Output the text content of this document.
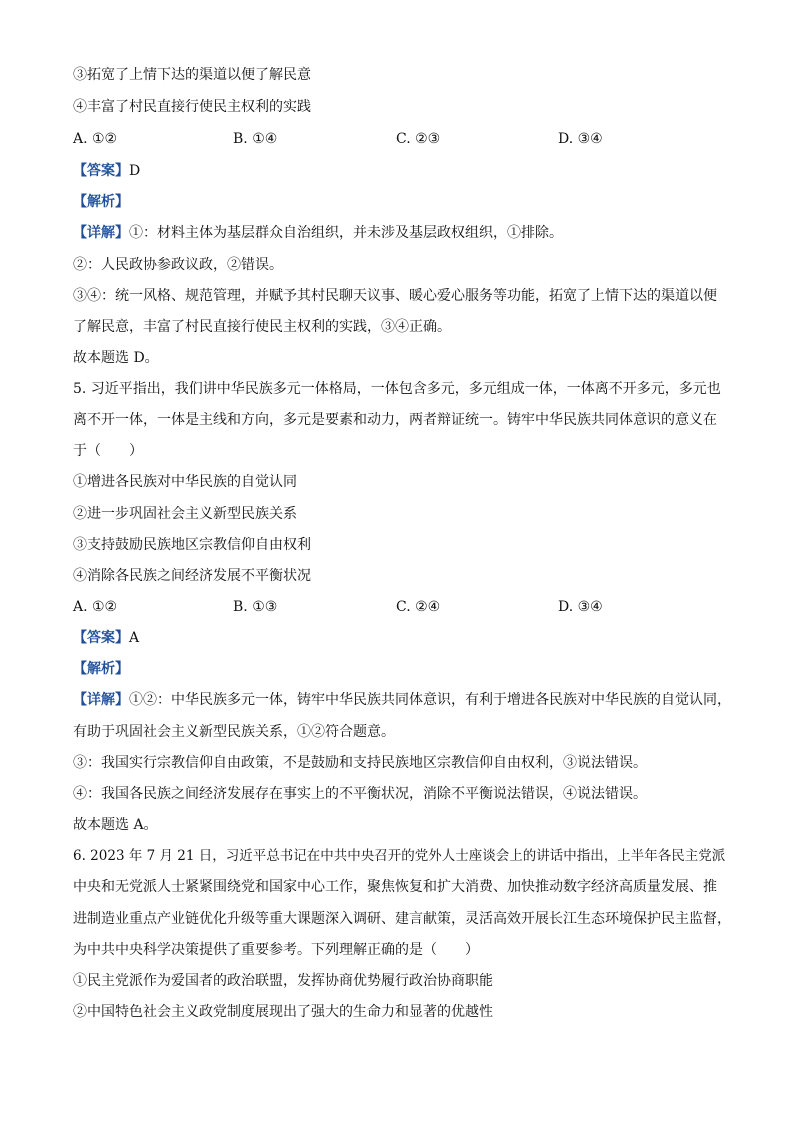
③拓宽了上情下达的渠道以便了解民意
④丰富了村民直接行使民主权利的实践
A. ①②	B. ①④	C. ②③	D. ③④
【答案】D
【解析】
【详解】①：材料主体为基层群众自治组织，并未涉及基层政权组织，①排除。
②：人民政协参政议政，②错误。
③④：统一风格、规范管理，并赋予其村民聊天议事、暖心爱心服务等功能，拓宽了上情下达的渠道以便
了解民意，丰富了村民直接行使民主权利的实践，③④正确。
故本题选 D。
5. 习近平指出，我们讲中华民族多元一体格局，一体包含多元，多元组成一体，一体离不开多元，多元也
离不开一体，一体是主线和方向，多元是要素和动力，两者辩证统一。铸牢中华民族共同体意识的意义在
于（　　）
①增进各民族对中华民族的自觉认同
②进一步巩固社会主义新型民族关系
③支持鼓励民族地区宗教信仰自由权利
④消除各民族之间经济发展不平衡状况
A. ①②	B. ①③	C. ②④	D. ③④
【答案】A
【解析】
【详解】①②：中华民族多元一体，铸牢中华民族共同体意识，有利于增进各民族对中华民族的自觉认同，
有助于巩固社会主义新型民族关系，①②符合题意。
③：我国实行宗教信仰自由政策，不是鼓励和支持民族地区宗教信仰自由权利，③说法错误。
④：我国各民族之间经济发展存在事实上的不平衡状况，消除不平衡说法错误，④说法错误。
故本题选 A。
6. 2023 年 7 月 21 日，习近平总书记在中共中央召开的党外人士座谈会上的讲话中指出，上半年各民主党派
中央和无党派人士紧紧围绕党和国家中心工作，聚焦恢复和扩大消费、加快推动数字经济高质量发展、推
进制造业重点产业链优化升级等重大课题深入调研、建言献策，灵活高效开展长江生态环境保护民主监督，
为中共中央科学决策提供了重要参考。下列理解正确的是（　　）
①民主党派作为爱国者的政治联盟，发挥协商优势履行政治协商职能
②中国特色社会主义政党制度展现出了强大的生命力和显著的优越性
